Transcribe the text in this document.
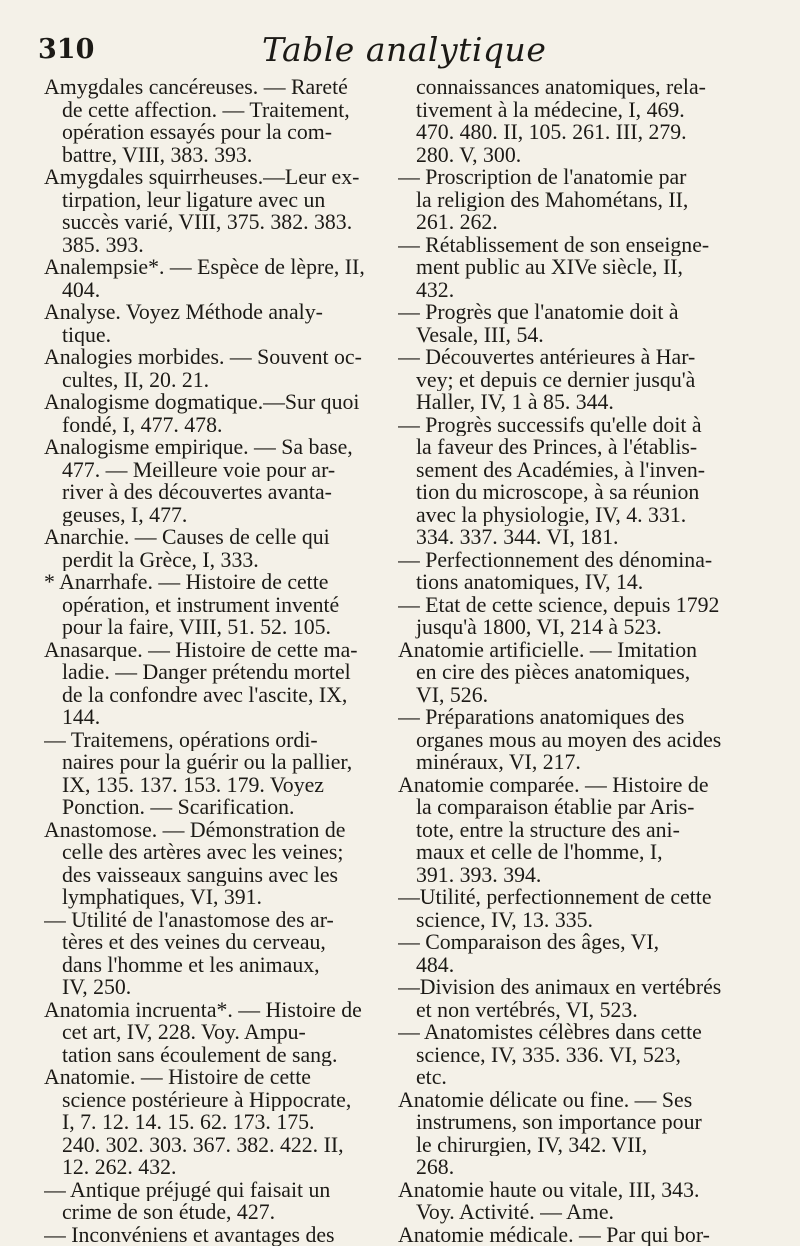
310	Table analytique
Amygdales cancéreuses. — Rareté
de cette affection. — Traitement,
opération essayés pour la com-
battre, VIII, 383. 393.
Amygdales squirrheuses.—Leur ex-
tirpation, leur ligature avec un
succès varié, VIII, 375. 382. 383.
385. 393.
Analempsie*. — Espèce de lèpre, II,
404.
Analyse. Voyez Méthode analy-
tique.
Analogies morbides. — Souvent oc-
cultes, II, 20. 21.
Analogisme dogmatique.—Sur quoi
fondé, I, 477. 478.
Analogisme empirique. — Sa base,
477. — Meilleure voie pour ar-
river à des découvertes avanta-
geuses, I, 477.
Anarchie. — Causes de celle qui
perdit la Grèce, I, 333.
* Anarrhafe. — Histoire de cette
opération, et instrument inventé
pour la faire, VIII, 51. 52. 105.
Anasarque. — Histoire de cette ma-
ladie. — Danger prétendu mortel
de la confondre avec l'ascite, IX,
144.
— Traitemens, opérations ordi-
naires pour la guérir ou la pallier,
IX, 135. 137. 153. 179. Voyez
Ponction. — Scarification.
Anastomose. — Démonstration de
celle des artères avec les veines;
des vaisseaux sanguins avec les
lymphatiques, VI, 391.
— Utilité de l'anastomose des ar-
tères et des veines du cerveau,
dans l'homme et les animaux,
IV, 250.
Anatomia incruenta*. — Histoire de
cet art, IV, 228. Voy. Ampu-
tation sans écoulement de sang.
Anatomie. — Histoire de cette
science postérieure à Hippocrate,
I, 7. 12. 14. 15. 62. 173. 175.
240. 302. 303. 367. 382. 422. II,
12. 262. 432.
— Antique préjugé qui faisait un
crime de son étude, 427.
— Inconvéniens et avantages des
connaissances anatomiques, rela-
tivement à la médecine, I, 469.
470. 480. II, 105. 261. III, 279.
280. V, 300.
— Proscription de l'anatomie par
la religion des Mahométans, II,
261. 262.
— Rétablissement de son enseigne-
ment public au XIVe siècle, II,
432.
— Progrès que l'anatomie doit à
Vesale, III, 54.
— Découvertes antérieures à Har-
vey; et depuis ce dernier jusqu'à
Haller, IV, 1 à 85. 344.
— Progrès successifs qu'elle doit à
la faveur des Princes, à l'établis-
sement des Académies, à l'inven-
tion du microscope, à sa réunion
avec la physiologie, IV, 4. 331.
334. 337. 344. VI, 181.
— Perfectionnement des dénomina-
tions anatomiques, IV, 14.
— Etat de cette science, depuis 1792
jusqu'à 1800, VI, 214 à 523.
Anatomie artificielle. — Imitation
en cire des pièces anatomiques,
VI, 526.
— Préparations anatomiques des
organes mous au moyen des acides
minéraux, VI, 217.
Anatomie comparée. — Histoire de
la comparaison établie par Aris-
tote, entre la structure des ani-
maux et celle de l'homme, I,
391. 393. 394.
—Utilité, perfectionnement de cette
science, IV, 13. 335.
— Comparaison des âges, VI,
484.
—Division des animaux en vertébrés
et non vertébrés, VI, 523.
— Anatomistes célèbres dans cette
science, IV, 335. 336. VI, 523,
etc.
Anatomie délicate ou fine. — Ses
instrumens, son importance pour
le chirurgien, IV, 342. VII,
268.
Anatomie haute ou vitale, III, 343.
Voy. Activité. — Ame.
Anatomie médicale. — Par qui bor-
